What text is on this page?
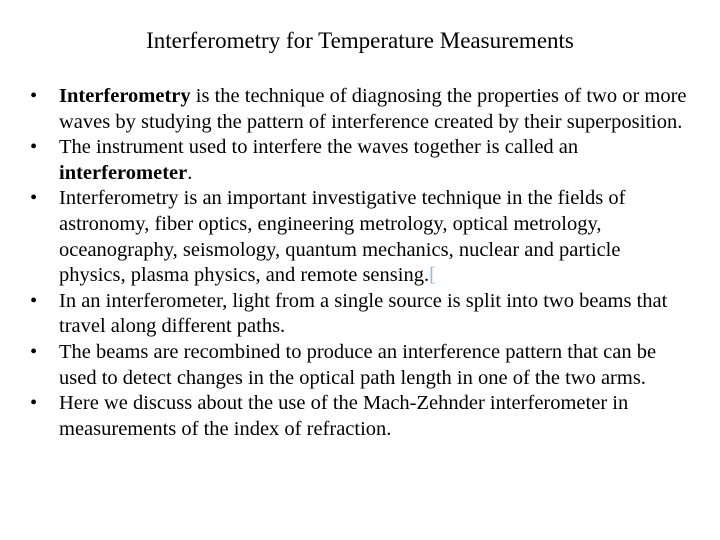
Interferometry for Temperature Measurements
• Interferometry is the technique of diagnosing the properties of two or more waves by studying the pattern of interference created by their superposition.
• The instrument used to interfere the waves together is called an interferometer.
• Interferometry is an important investigative technique in the fields of astronomy, fiber optics, engineering metrology, optical metrology, oceanography, seismology, quantum mechanics, nuclear and particle physics, plasma physics, and remote sensing.[
• In an interferometer, light from a single source is split into two beams that travel along different paths.
• The beams are recombined to produce an interference pattern that can be used to detect changes in the optical path length in one of the two arms.
• Here we discuss about the use of the Mach-Zehnder interferometer in measurements of the index of refraction.
